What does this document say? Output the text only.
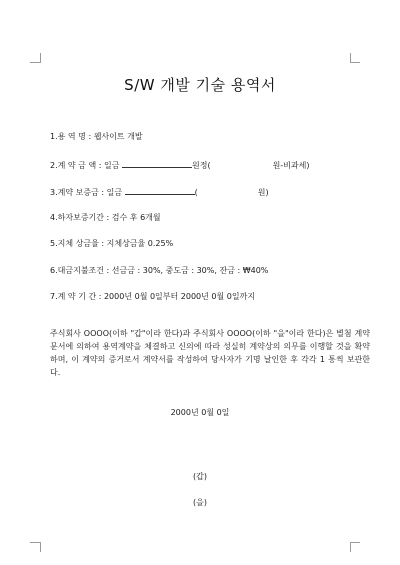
S/W 개발 기술 용역서
1.용 역 명 : 웹사이트 개발
2.계 약 금 액 : 일금	원정(	원-비과세)
3.계약 보증금 : 일금	(	원)
4.하자보증기간 : 검수 후 6개월
5.지체 상금율 : 지체상금율 0.25%
6.대금지불조건 : 선금금 : 30%, 중도금 : 30%, 잔금 : ₩40%
7.계 약 기 간 : 2000년 0월 0일부터 2000년 0월 0일까지
주식회사 OOOO(이하 "갑"이라 한다)과 주식회사 OOOO(이하 "을"이라 한다)은 별첨 계약문서에 의하여 용역계약을 체결하고 신의에 따라 성실히 계약상의 의무를 이행할 것을 확약하며, 이 계약의 증거로서 계약서를 작성하여 당사자가 기명 날인한 후 각각 1 통씩 보관한다.
2000년 0월 0일
(갑)
(을)
